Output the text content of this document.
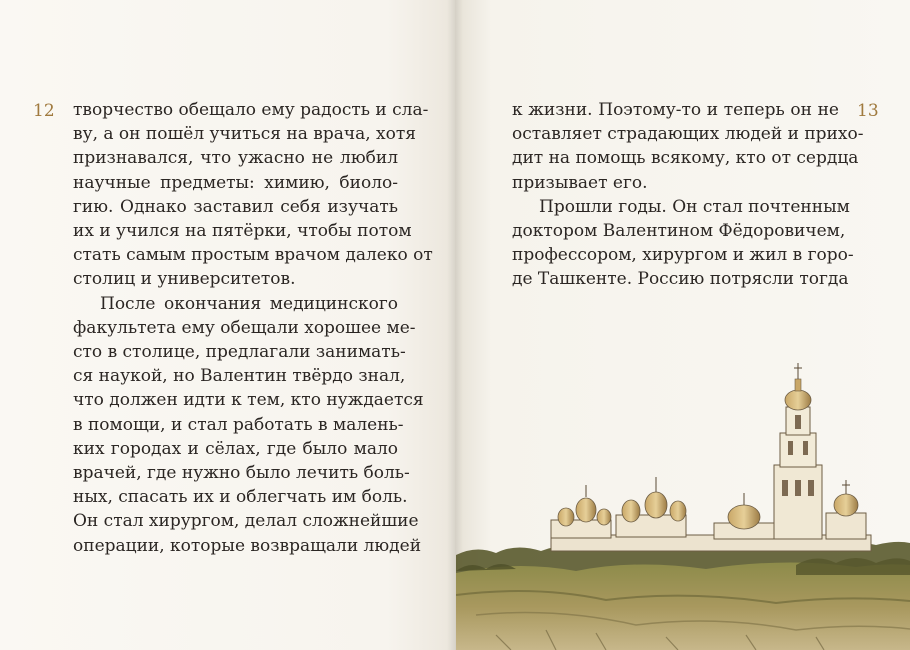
12	13

творчество обещало ему радость и сла-
ву, а он пошёл учиться на врача, хотя
признавался, что ужасно не любил
научные предметы: химию, биоло-
гию. Однако заставил себя изучать
их и учился на пятёрки, чтобы потом
стать самым простым врачом далеко от
столиц и университетов.

После окончания медицинского
факультета ему обещали хорошее ме-
сто в столице, предлагали занимать-
ся наукой, но Валентин твёрдо знал,
что должен идти к тем, кто нуждается
в помощи, и стал работать в малень-
ких городах и сёлах, где было мало
врачей, где нужно было лечить боль-
ных, спасать их и облегчать им боль.
Он стал хирургом, делал сложнейшие
операции, которые возвращали людей

к жизни. Поэтому-то и теперь он не
оставляет страдающих людей и прихо-
дит на помощь всякому, кто от сердца
призывает его.

Прошли годы. Он стал почтенным
доктором Валентином Фёдоровичем,
профессором, хирургом и жил в горо-
де Ташкенте. Россию потрясли тогда
